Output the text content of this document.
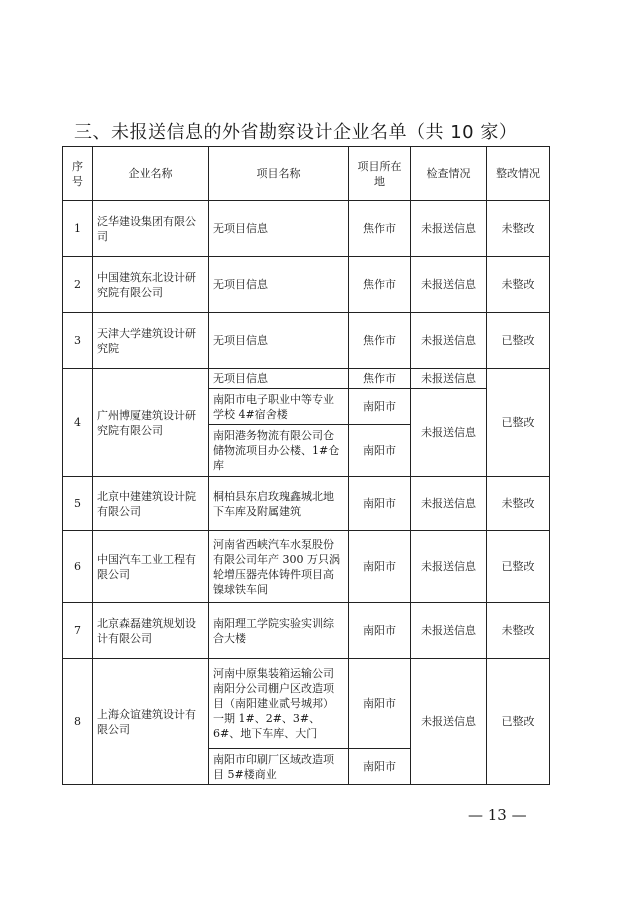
三、未报送信息的外省勘察设计企业名单（共 10 家）
序号	企业名称	项目名称	项目所在地	检查情况	整改情况
1	泛华建设集团有限公司	无项目信息	焦作市	未报送信息	未整改
2	中国建筑东北设计研究院有限公司	无项目信息	焦作市	未报送信息	未整改
3	天津大学建筑设计研究院	无项目信息	焦作市	未报送信息	已整改
4	广州博厦建筑设计研究院有限公司	无项目信息	焦作市	未报送信息	已整改
		南阳市电子职业中等专业学校 4#宿舍楼	南阳市	未报送信息	
		南阳港务物流有限公司仓储物流项目办公楼、1#仓库	南阳市		
5	北京中建建筑设计院有限公司	桐柏县东启玫瑰鑫城北地下车库及附属建筑	南阳市	未报送信息	未整改
6	中国汽车工业工程有限公司	河南省西峡汽车水泵股份有限公司年产 300 万只涡轮增压器壳体铸件项目高镍球铁车间	南阳市	未报送信息	已整改
7	北京森磊建筑规划设计有限公司	南阳理工学院实验实训综合大楼	南阳市	未报送信息	未整改
8	上海众谊建筑设计有限公司	河南中原集装箱运输公司南阳分公司棚户区改造项目（南阳建业贰号城邦）一期 1#、2#、3#、6#、地下车库、大门	南阳市	未报送信息	已整改
		南阳市印刷厂区域改造项目 5#楼商业	南阳市		
— 13 —
